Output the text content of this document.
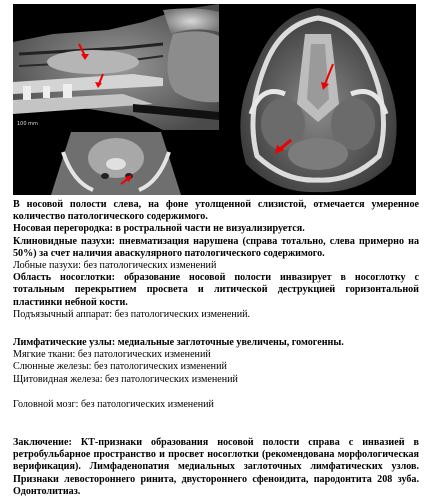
100 mm

В носовой полости слева, на фоне утолщенной слизистой, отмечается умеренное количество патологического содержимого.

Носовая перегородка: в ростральной части не визуализируется.

Клиновидные пазухи: пневматизация нарушена (справа тотально, слева примерно на 50%) за счет наличия аваскулярного патологического содержимого.

Лобные пазухи: без патологических изменений

Область носоглотки: образование носовой полости инвазирует в носоглотку с тотальным перекрытием просвета и литической деструкцией горизонтальной пластинки небной кости.

Подъязычный аппарат: без патологических изменений.

Лимфатические узлы: медиальные заглоточные увеличены, гомогенны.

Мягкие ткани: без патологических изменений

Слюнные железы: без патологических изменений

Щитовидная железа: без патологических изменений

Головной мозг: без патологических изменений

Заключение: КТ-признаки образования носовой полости справа с инвазией в ретробульбарное пространство и просвет носоглотки (рекомендована морфологическая верификация). Лимфаденопатия медиальных заглоточных лимфатических узлов. Признаки левостороннего ринита, двустороннего сфеноидита, пародонтита 208 зуба. Одонтолитиаз.
